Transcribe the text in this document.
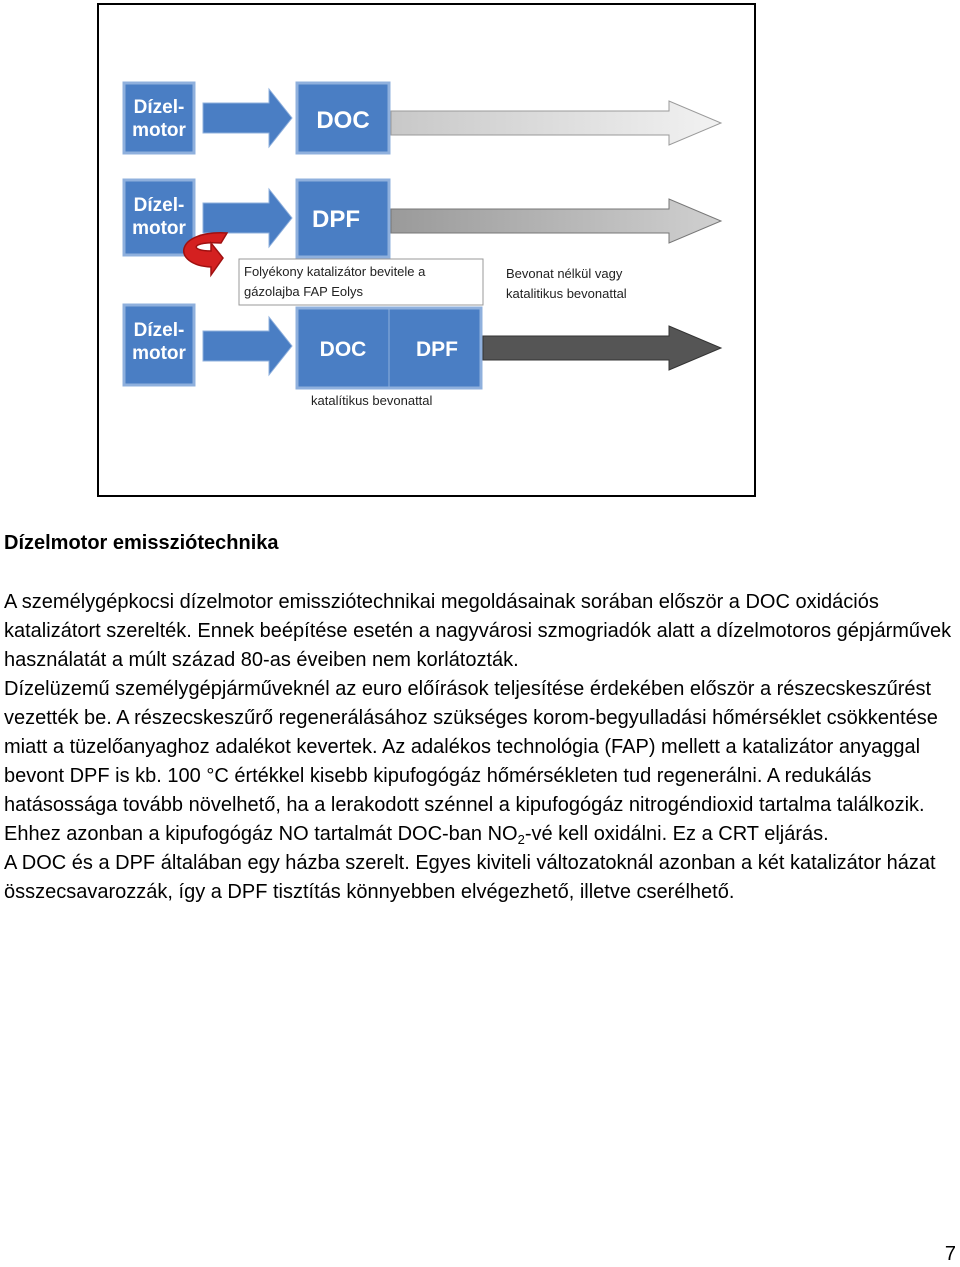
Dízel-
motor	DOC
Dízel-
motor	DPF
Folyékony katalizátor bevitele a
gázolajba FAP Eolys
Bevonat nélkül vagy
katalitikus bevonattal
Dízel-
motor	DOC DPF
katalítikus bevonattal
Dízelmotor emissziótechnika

A személygépkocsi dízelmotor emissziótechnikai megoldásainak sorában először a DOC oxidációs katalizátort szerelték. Ennek beépítése esetén a nagyvárosi szmogriadók alatt a dízelmotoros gépjárművek használatát a múlt század 80-as éveiben nem korlátozták.

Dízelüzemű személygépjárműveknél az euro előírások teljesítése érdekében először a részecskeszűrést vezették be. A részecskeszűrő regenerálásához szükséges korom-begyulladási hőmérséklet csökkentése miatt a tüzelőanyaghoz adalékot kevertek. Az adalékos technológia (FAP) mellett a katalizátor anyaggal bevont DPF is kb. 100 °C értékkel kisebb kipufogógáz hőmérsékleten tud regenerálni. A redukálás hatásossága tovább növelhető, ha a lerakodott szénnel a kipufogógáz nitrogéndioxid tartalma találkozik. Ehhez azonban a kipufogógáz NO tartalmát DOC-ban $NO_2-vé$ kell oxidálni. Ez a CRT eljárás.

A DOC és a DPF általában egy házba szerelt. Egyes kiviteli változatoknál azonban a két katalizátor házat összecsavarozzák, így a DPF tisztítás könnyebben elvégezhető, illetve cserélhető.

7
